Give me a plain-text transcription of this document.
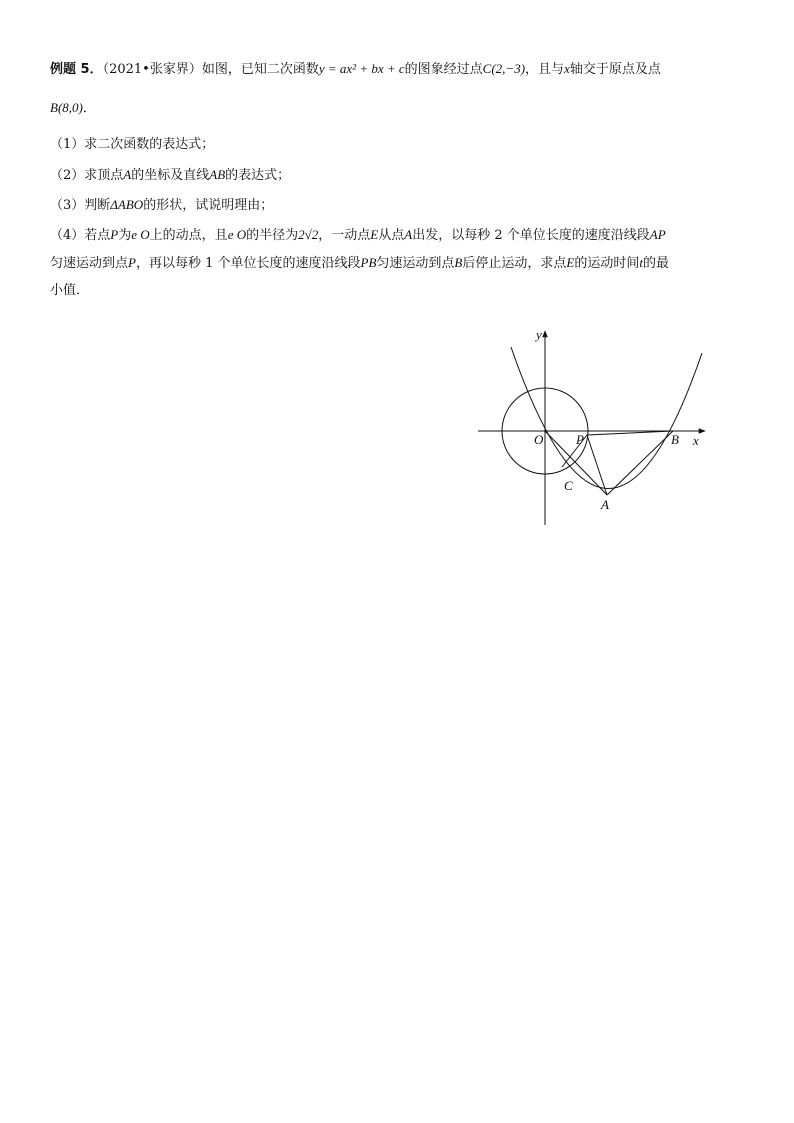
例题 5．（2021•张家界）如图，已知二次函数y = ax² + bx + c的图象经过点C(2,−3)，且与x轴交于原点及点

B(8,0)．

（1）求二次函数的表达式；

（2）求顶点A的坐标及直线AB的表达式；

（3）判断ΔABO的形状，试说明理由；

（4）若点P为e O上的动点，且e O的半径为2√2，一动点E从点A出发，以每秒 2 个单位长度的速度沿线段AP

匀速运动到点P，再以每秒 1 个单位长度的速度沿线段PB匀速运动到点B后停止运动，求点E的运动时间t的最

小值．

y
x
O	P	B
C
A
